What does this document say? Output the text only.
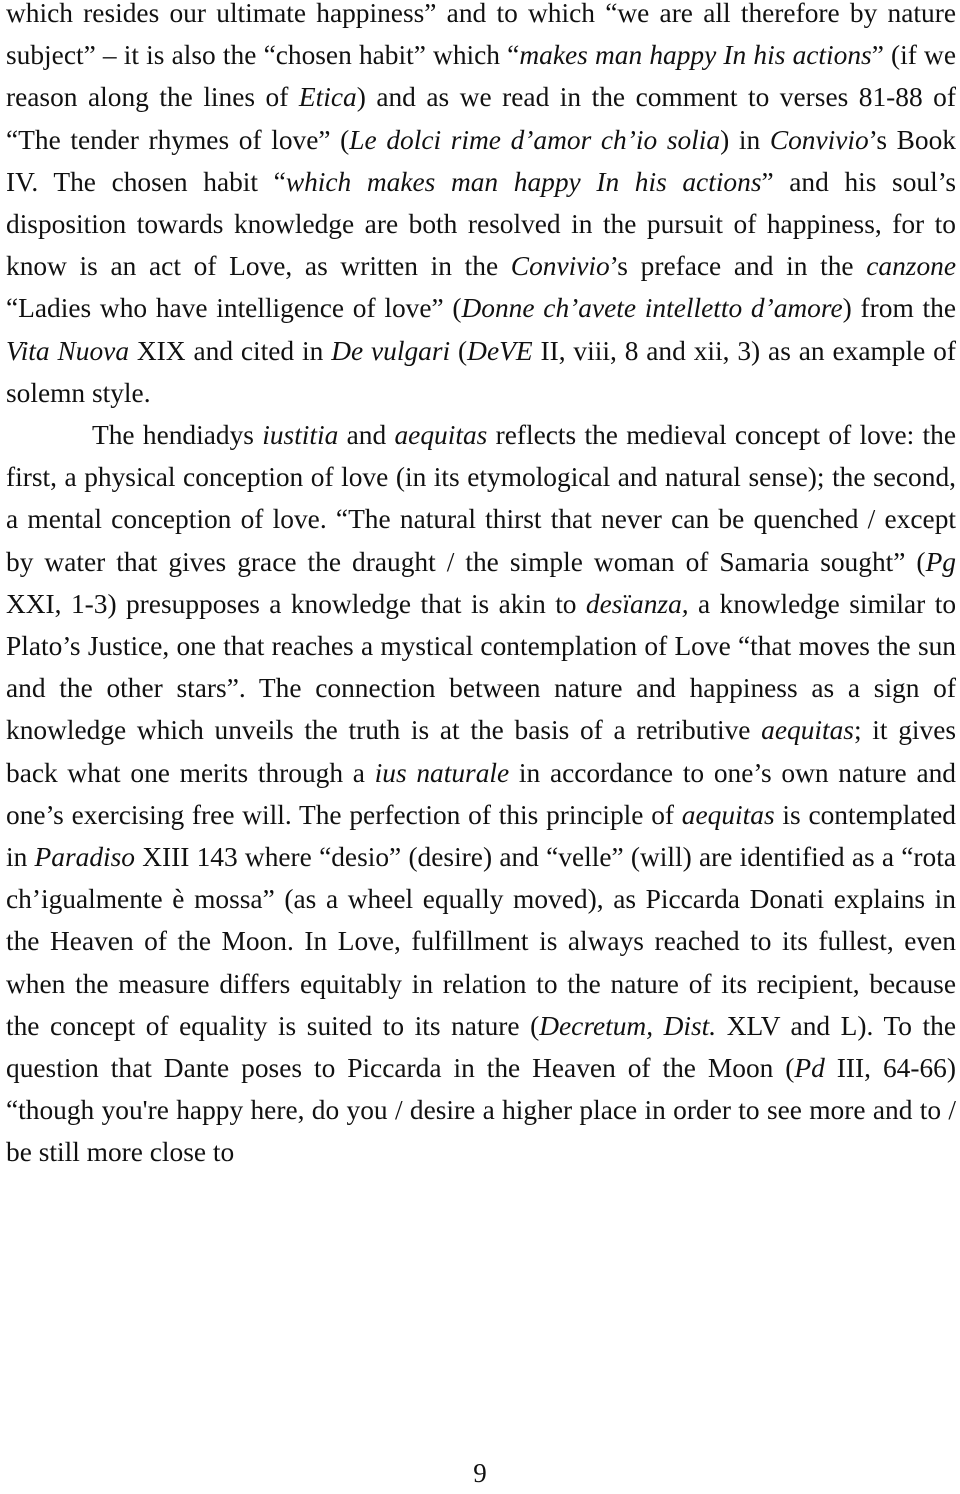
which resides our ultimate happiness” and to which “we are all therefore by nature subject” – it is also the “chosen habit” which “makes man happy In his actions” (if we reason along the lines of Etica) and as we read in the comment to verses 81-88 of “The tender rhymes of love” (Le dolci rime d’amor ch’io solia) in Convivio’s Book IV. The chosen habit “which makes man happy In his actions” and his soul’s disposition towards knowledge are both resolved in the pursuit of happiness, for to know is an act of Love, as written in the Convivio’s preface and in the canzone “Ladies who have intelligence of love” (Donne ch’avete intelletto d’amore) from the Vita Nuova XIX and cited in De vulgari (DeVE II, viii, 8 and xii, 3) as an example of solemn style.

The hendiadys iustitia and aequitas reflects the medieval concept of love: the first, a physical conception of love (in its etymological and natural sense); the second, a mental conception of love. “The natural thirst that never can be quenched / except by water that gives grace the draught / the simple woman of Samaria sought” (Pg XXI, 1-3) presupposes a knowledge that is akin to desïanza, a knowledge similar to Plato’s Justice, one that reaches a mystical contemplation of Love “that moves the sun and the other stars”. The connection between nature and happiness as a sign of knowledge which unveils the truth is at the basis of a retributive aequitas; it gives back what one merits through a ius naturale in accordance to one’s own nature and one’s exercising free will. The perfection of this principle of aequitas is contemplated in Paradiso XIII 143 where “desio” (desire) and “velle” (will) are identified as a “rota ch’igualmente è mossa” (as a wheel equally moved), as Piccarda Donati explains in the Heaven of the Moon. In Love, fulfillment is always reached to its fullest, even when the measure differs equitably in relation to the nature of its recipient, because the concept of equality is suited to its nature (Decretum, Dist. XLV and L). To the question that Dante poses to Piccarda in the Heaven of the Moon (Pd III, 64-66) “though you're happy here, do you / desire a higher place in order to see more and to / be still more close to

9
